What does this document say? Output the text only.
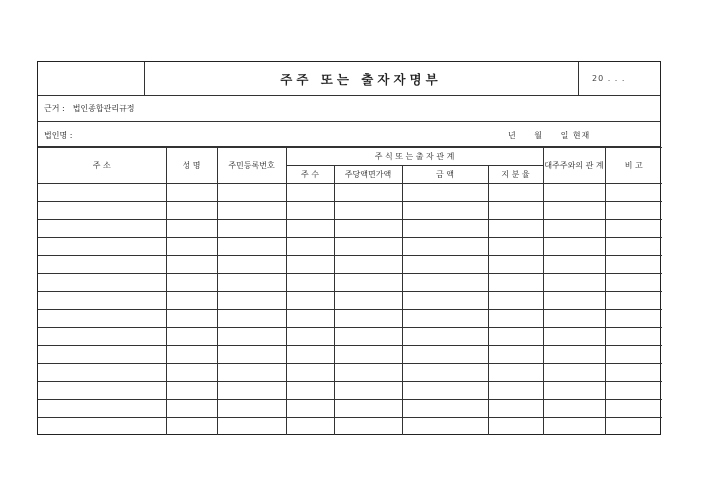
주주 또는 출자자명부	20 . . .
근거 : 법인종합관리규정
법인명 :	년 월 일 현재
주 소	성 명	주민등록번호	주 식 또 는 출 자 관 계				대주주와의 관 계	비 고
			주 수	주당액면가액	금 액	지 분 율		
